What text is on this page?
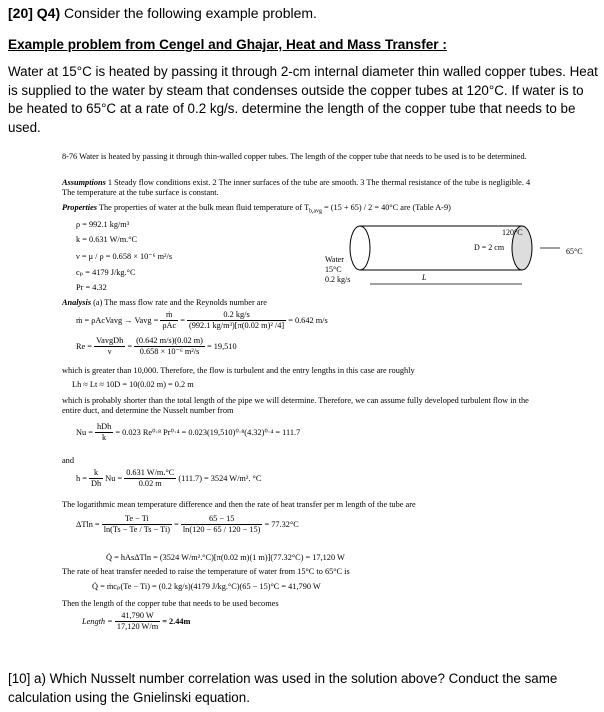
[20] Q4) Consider the following example problem.
Example problem from Cengel and Ghajar, Heat and Mass Transfer :
Water at 15°C is heated by passing it through 2-cm internal diameter thin walled copper tubes. Heat is supplied to the water by steam that condenses outside the copper tubes at 120°C. If water is to be heated to 65°C at a rate of 0.2 kg/s. determine the length of the copper tube that needs to be used.
8-76 Water is heated by passing it through thin-walled copper tubes. The length of the copper tube that needs to be used is to be determined.
Assumptions 1 Steady flow conditions exist. 2 The inner surfaces of the tube are smooth. 3 The thermal resistance of the tube is negligible. 4 The temperature at the tube surface is constant.
Properties The properties of water at the bulk mean fluid temperature of $T_{b,avg} = (15 + 65) / 2 = 40^\circ C$ are (Table A-9)
ρ = 992.1 kg/m³
k = 0.631 W/m.°C
ν = μ / ρ = 0.658 × 10⁻⁶ m²/s
cₚ = 4179 J/kg.°C
Pr = 4.32
Analysis (a) The mass flow rate and the Reynolds number are
ṁ = ρAcVavg → Vavg = $\frac{\text{ṁ}}{\text{ρAc}} = \frac{0.2 kg/s}{\text{(992.1 kg/m³)[π(0.02 m)² /4]}} = 0.642$ m/s
$Re = \frac{\text{VavgDh}}{\nu} = \frac{(0.642 m/s)(0.02 m)}{\text{0.658 × 10⁻⁶ m²/s}} = 19,510$
which is greater than 10,000. Therefore, the flow is turbulent and the entry lengths in this case are roughly
Lh ≈ Lt ≈ 10D = 10(0.02 m) = 0.2 m
which is probably shorter than the total length of the pipe we will determine. Therefore, we can assume fully developed turbulent flow in the entire duct, and determine the Nusselt number from
$Nu = \frac{\text{hDh}}{k} = 0.023$ Re⁰·⁸ Pr⁰·⁴ = 0.023(19,510)⁰·⁸(4.32)⁰·⁴ = 111.7
and
$h = \frac{k}{Dh}$ $Nu = \frac{0.631 W/m.^\circ C}{0.02 m} (111.7) = 3524$ W/m². °C
The logarithmic mean temperature difference and then the rate of heat transfer per m length of the tube are
$\Delta Tln = \frac{Te - Ti}{\ln(Ts - Te / Ts - Ti)} = \frac{65 - 15}{\ln(120 - 65 / 120 - 15)} = 77.32^\circ C$
Q̇ = hAsΔTln = (3524 W/m².°C)[π(0.02 m)(1 m)](77.32°C) = 17,120 W
The rate of heat transfer needed to raise the temperature of water from 15°C to 65°C is
Q̇ = ṁcₚ(Te − Ti) = (0.2 kg/s)(4179 J/kg.°C)(65 − 15)°C = 41,790 W
Then the length of the copper tube that needs to be used becomes
Length = $\frac{41,790 W}{17,120 W/m} = 2.44m$
65°C
120°C
D = 2 cm
Water
15°C
0.2 kg/s	L
[10] a) Which Nusselt number correlation was used in the solution above? Conduct the same calculation using the Gnielinski equation.
